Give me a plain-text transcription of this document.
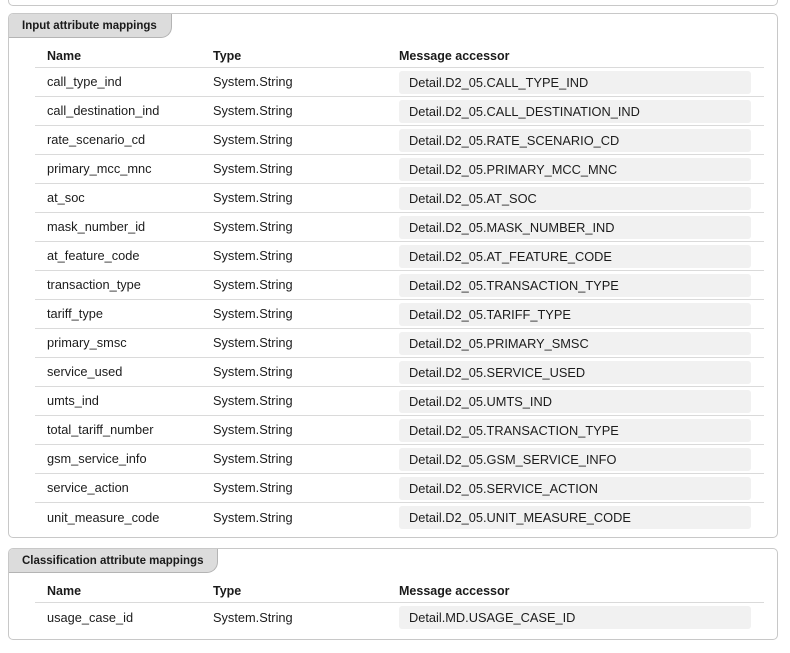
Input attribute mappings
Name	Type	Message accessor
call_type_ind	System.String	Detail.D2_05.CALL_TYPE_IND
call_destination_ind	System.String	Detail.D2_05.CALL_DESTINATION_IND
rate_scenario_cd	System.String	Detail.D2_05.RATE_SCENARIO_CD
primary_mcc_mnc	System.String	Detail.D2_05.PRIMARY_MCC_MNC
at_soc	System.String	Detail.D2_05.AT_SOC
mask_number_id	System.String	Detail.D2_05.MASK_NUMBER_IND
at_feature_code	System.String	Detail.D2_05.AT_FEATURE_CODE
transaction_type	System.String	Detail.D2_05.TRANSACTION_TYPE
tariff_type	System.String	Detail.D2_05.TARIFF_TYPE
primary_smsc	System.String	Detail.D2_05.PRIMARY_SMSC
service_used	System.String	Detail.D2_05.SERVICE_USED
umts_ind	System.String	Detail.D2_05.UMTS_IND
total_tariff_number	System.String	Detail.D2_05.TRANSACTION_TYPE
gsm_service_info	System.String	Detail.D2_05.GSM_SERVICE_INFO
service_action	System.String	Detail.D2_05.SERVICE_ACTION
unit_measure_code	System.String	Detail.D2_05.UNIT_MEASURE_CODE
Classification attribute mappings
Name	Type	Message accessor
usage_case_id	System.String	Detail.MD.USAGE_CASE_ID
